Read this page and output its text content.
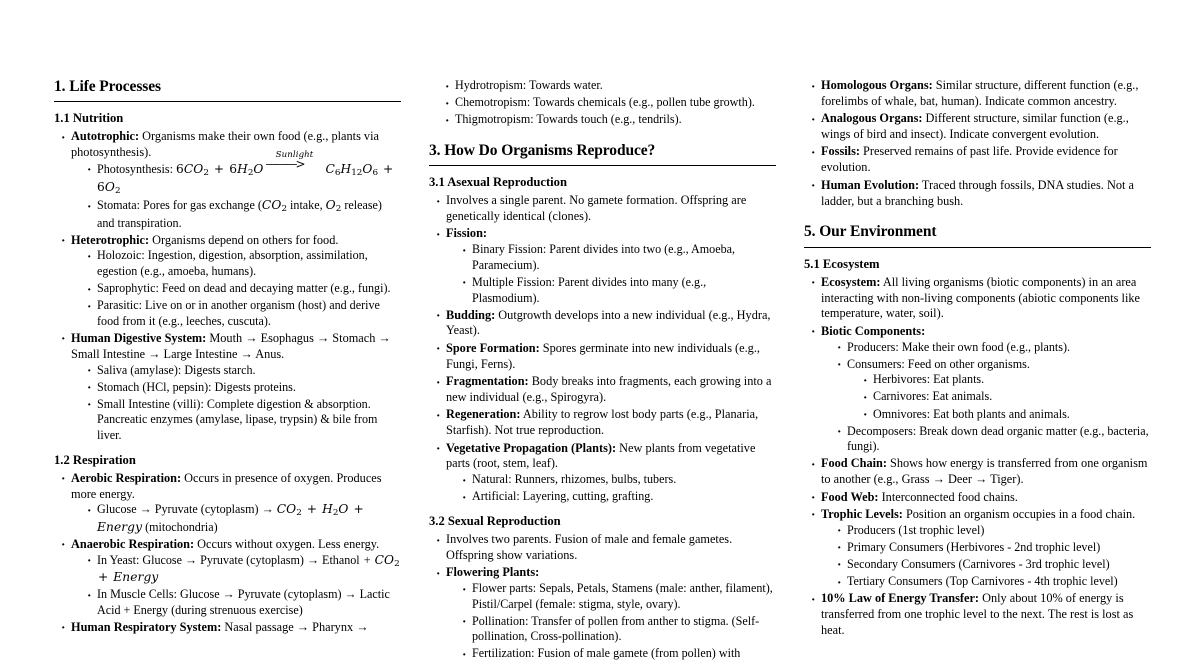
1. Life Processes
1.1 Nutrition
· Autotrophic: Organisms make their own food (e.g., plants via photosynthesis).
· Photosynthesis: $6CO_2 + 6H_2O$
Sunlight
———>	$C_6H_{12}O_6 + 6O_2$
· Stomata: Pores for gas exchange ($CO_2$ intake, $O_2$ release) and transpiration.
· Heterotrophic: Organisms depend on others for food.
· Holozoic: Ingestion, digestion, absorption, assimilation, egestion (e.g., amoeba, humans).
· Saprophytic: Feed on dead and decaying matter (e.g., fungi).
· Parasitic: Live on or in another organism (host) and derive food from it (e.g., leeches, cuscuta).
· Human Digestive System: Mouth → Esophagus → Stomach → Small Intestine → Large Intestine → Anus.
· Saliva (amylase): Digests starch.
· Stomach (HCl, pepsin): Digests proteins.
· Small Intestine (villi): Complete digestion & absorption. Pancreatic enzymes (amylase, lipase, trypsin) & bile from liver.
1.2 Respiration
· Aerobic Respiration: Occurs in presence of oxygen. Produces more energy.
· Glucose → Pyruvate (cytoplasm) → $CO_2 + H_2O$ + Energy (mitochondria)
· Anaerobic Respiration: Occurs without oxygen. Less energy.
· In Yeast: Glucose → Pyruvate (cytoplasm) → Ethanol + $CO_2$ + Energy
· In Muscle Cells: Glucose → Pyruvate (cytoplasm) → Lactic Acid + Energy (during strenuous exercise)
· Human Respiratory System: Nasal passage → Pharynx →
· Hydrotropism: Towards water.
· Chemotropism: Towards chemicals (e.g., pollen tube growth).
· Thigmotropism: Towards touch (e.g., tendrils).
3. How Do Organisms Reproduce?
3.1 Asexual Reproduction
· Involves a single parent. No gamete formation. Offspring are genetically identical (clones).
· Fission:
· Binary Fission: Parent divides into two (e.g., Amoeba, Paramecium).
· Multiple Fission: Parent divides into many (e.g., Plasmodium).
· Budding: Outgrowth develops into a new individual (e.g., Hydra, Yeast).
· Spore Formation: Spores germinate into new individuals (e.g., Fungi, Ferns).
· Fragmentation: Body breaks into fragments, each growing into a new individual (e.g., Spirogyra).
· Regeneration: Ability to regrow lost body parts (e.g., Planaria, Starfish). Not true reproduction.
· Vegetative Propagation (Plants): New plants from vegetative parts (root, stem, leaf).
· Natural: Runners, rhizomes, bulbs, tubers.
· Artificial: Layering, cutting, grafting.
3.2 Sexual Reproduction
· Involves two parents. Fusion of male and female gametes. Offspring show variations.
· Flowering Plants:
· Flower parts: Sepals, Petals, Stamens (male: anther, filament), Pistil/Carpel (female: stigma, style, ovary).
· Pollination: Transfer of pollen from anther to stigma. (Self-pollination, Cross-pollination).
· Fertilization: Fusion of male gamete (from pollen) with
· Homologous Organs: Similar structure, different function (e.g., forelimbs of whale, bat, human). Indicate common ancestry.
· Analogous Organs: Different structure, similar function (e.g., wings of bird and insect). Indicate convergent evolution.
· Fossils: Preserved remains of past life. Provide evidence for evolution.
· Human Evolution: Traced through fossils, DNA studies. Not a ladder, but a branching bush.
5. Our Environment
5.1 Ecosystem
· Ecosystem: All living organisms (biotic components) in an area interacting with non-living components (abiotic components like temperature, water, soil).
· Biotic Components:
· Producers: Make their own food (e.g., plants).
· Consumers: Feed on other organisms.
· Herbivores: Eat plants.
· Carnivores: Eat animals.
· Omnivores: Eat both plants and animals.
· Decomposers: Break down dead organic matter (e.g., bacteria, fungi).
· Food Chain: Shows how energy is transferred from one organism to another (e.g., Grass → Deer → Tiger).
· Food Web: Interconnected food chains.
· Trophic Levels: Position an organism occupies in a food chain.
· Producers (1st trophic level)
· Primary Consumers (Herbivores - 2nd trophic level)
· Secondary Consumers (Carnivores - 3rd trophic level)
· Tertiary Consumers (Top Carnivores - 4th trophic level)
· 10% Law of Energy Transfer: Only about 10% of energy is transferred from one trophic level to the next. The rest is lost as heat.
